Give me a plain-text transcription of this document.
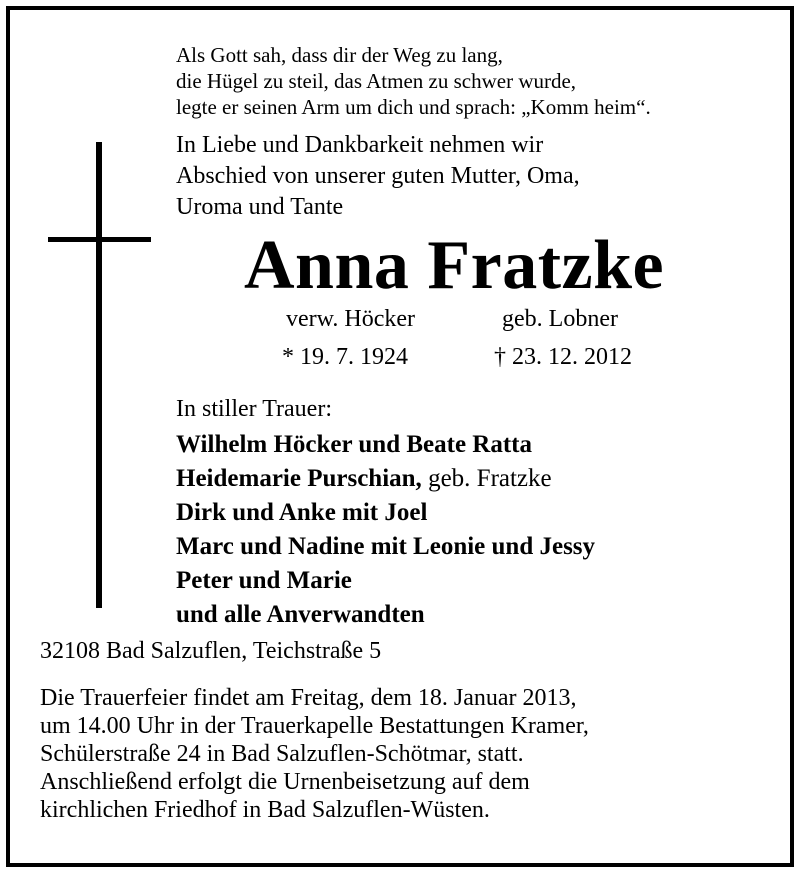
Als Gott sah, dass dir der Weg zu lang,
die Hügel zu steil, das Atmen zu schwer wurde,
legte er seinen Arm um dich und sprach: „Komm heim“.
In Liebe und Dankbarkeit nehmen wir
Abschied von unserer guten Mutter, Oma,
Uroma und Tante
Anna Fratzke
verw. Höcker	geb. Lobner
* 19. 7. 1924	† 23. 12. 2012
In stiller Trauer:
Wilhelm Höcker und Beate Ratta
Heidemarie Purschian, geb. Fratzke
Dirk und Anke mit Joel
Marc und Nadine mit Leonie und Jessy
Peter und Marie
und alle Anverwandten
32108 Bad Salzuflen, Teichstraße 5
Die Trauerfeier findet am Freitag, dem 18. Januar 2013,
um 14.00 Uhr in der Trauerkapelle Bestattungen Kramer,
Schülerstraße 24 in Bad Salzuflen-Schötmar, statt.
Anschließend erfolgt die Urnenbeisetzung auf dem
kirchlichen Friedhof in Bad Salzuflen-Wüsten.
